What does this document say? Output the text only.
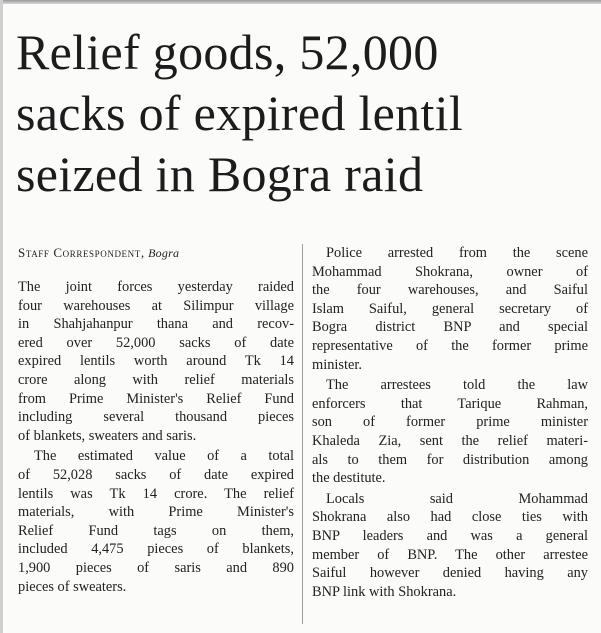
Relief goods, 52,000
sacks of expired lentil
seized in Bogra raid
Staff Correspondent, Bogra
The joint forces yesterday raided
four warehouses at Silimpur village
in Shahjahanpur thana and recov-
ered over 52,000 sacks of date
expired lentils worth around Tk 14
crore along with relief materials
from Prime Minister's Relief Fund
including several thousand pieces
of blankets, sweaters and saris.
The estimated value of a total
of 52,028 sacks of date expired
lentils was Tk 14 crore. The relief
materials, with Prime Minister's
Relief Fund tags on them,
included 4,475 pieces of blankets,
1,900 pieces of saris and 890
pieces of sweaters.
Police arrested from the scene
Mohammad Shokrana, owner of
the four warehouses, and Saiful
Islam Saiful, general secretary of
Bogra district BNP and special
representative of the former prime
minister.
The arrestees told the law
enforcers that Tarique Rahman,
son of former prime minister
Khaleda Zia, sent the relief materi-
als to them for distribution among
the destitute.
Locals said Mohammad
Shokrana also had close ties with
BNP leaders and was a general
member of BNP. The other arrestee
Saiful however denied having any
BNP link with Shokrana.
